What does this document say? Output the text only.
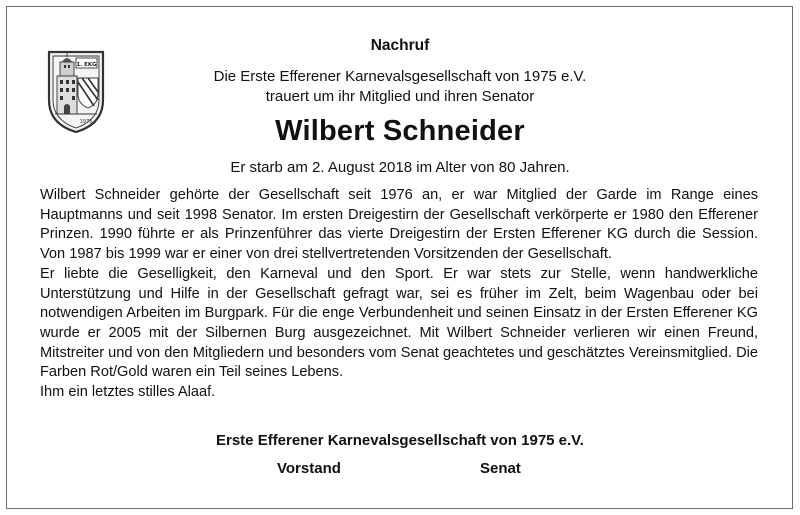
1. EKG
1975
Nachruf
Die Erste Efferener Karnevalsgesellschaft von 1975 e.V.
trauert um ihr Mitglied und ihren Senator
Wilbert Schneider
Er starb am 2. August 2018 im Alter von 80 Jahren.

Wilbert Schneider gehörte der Gesellschaft seit 1976 an, er war Mitglied der Garde im Range eines Hauptmanns und seit 1998 Senator. Im ersten Dreigestirn der Gesellschaft verkörperte er 1980 den Efferener Prinzen. 1990 führte er als Prinzenführer das vierte Dreigestirn der Ersten Efferener KG durch die Session. Von 1987 bis 1999 war er einer von drei stellvertretenden Vorsitzenden der Gesellschaft.

Er liebte die Geselligkeit, den Karneval und den Sport. Er war stets zur Stelle, wenn handwerkliche Unterstützung und Hilfe in der Gesellschaft gefragt war, sei es früher im Zelt, beim Wagenbau oder bei notwendigen Arbeiten im Burgpark. Für die enge Verbundenheit und seinen Einsatz in der Ersten Efferener KG wurde er 2005 mit der Silbernen Burg ausgezeichnet. Mit Wilbert Schneider verlieren wir einen Freund, Mitstreiter und von den Mitgliedern und besonders vom Senat geachtetes und geschätztes Vereinsmitglied. Die Farben Rot/Gold waren ein Teil seines Lebens.

Ihm ein letztes stilles Alaaf.

Erste Efferener Karnevalsgesellschaft von 1975 e.V.
Vorstand	Senat
